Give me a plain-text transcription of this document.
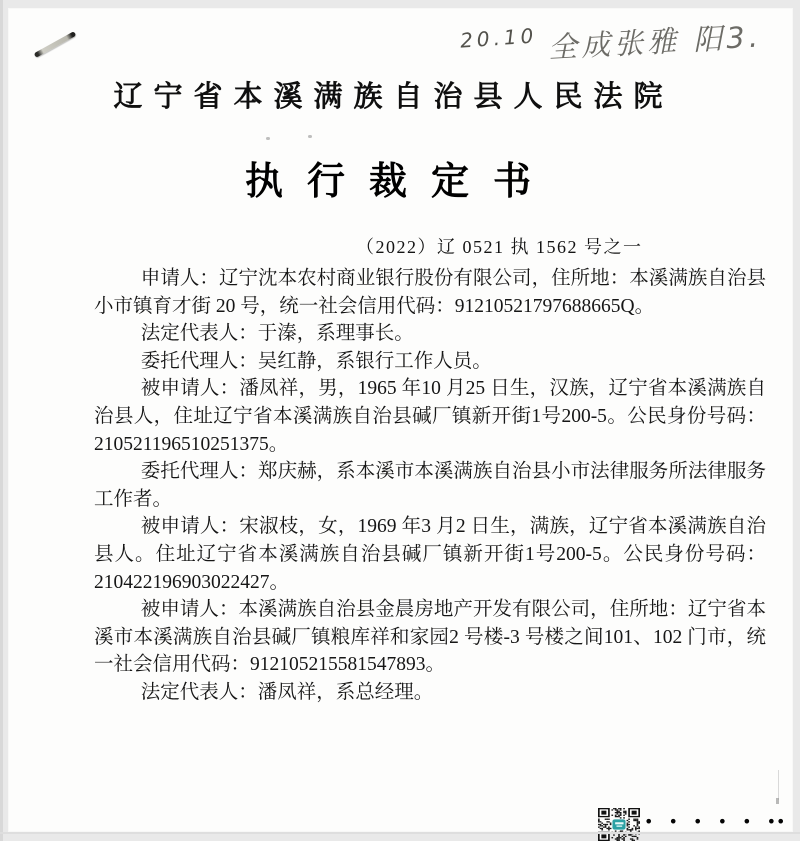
20.10 全成张雅 阳3.
辽宁省本溪满族自治县人民法院
执行裁定书
（2022）辽 0521 执 1562 号之一

申请人：辽宁沈本农村商业银行股份有限公司，住所地：本溪满族自治县小市镇育才街 20 号，统一社会信用代码：91210521797688665Q。

法定代表人：于溱，系理事长。

委托代理人：吴红静，系银行工作人员。

被申请人：潘凤祥，男，1965 年10 月25 日生，汉族，辽宁省本溪满族自治县人，住址辽宁省本溪满族自治县碱厂镇新开街1号200-5。公民身份号码：210521196510251375。

委托代理人：郑庆赫，系本溪市本溪满族自治县小市法律服务所法律服务工作者。

被申请人：宋淑枝，女，1969 年3 月2 日生，满族，辽宁省本溪满族自治县人。住址辽宁省本溪满族自治县碱厂镇新开街1号200-5。公民身份号码：210422196903022427。

被申请人：本溪满族自治县金晨房地产开发有限公司，住所地：辽宁省本溪市本溪满族自治县碱厂镇粮库祥和家园2 号楼-3 号楼之间101、102 门市，统一社会信用代码：912105215581547893。

法定代表人：潘凤祥，系总经理。

• • • • • ••
